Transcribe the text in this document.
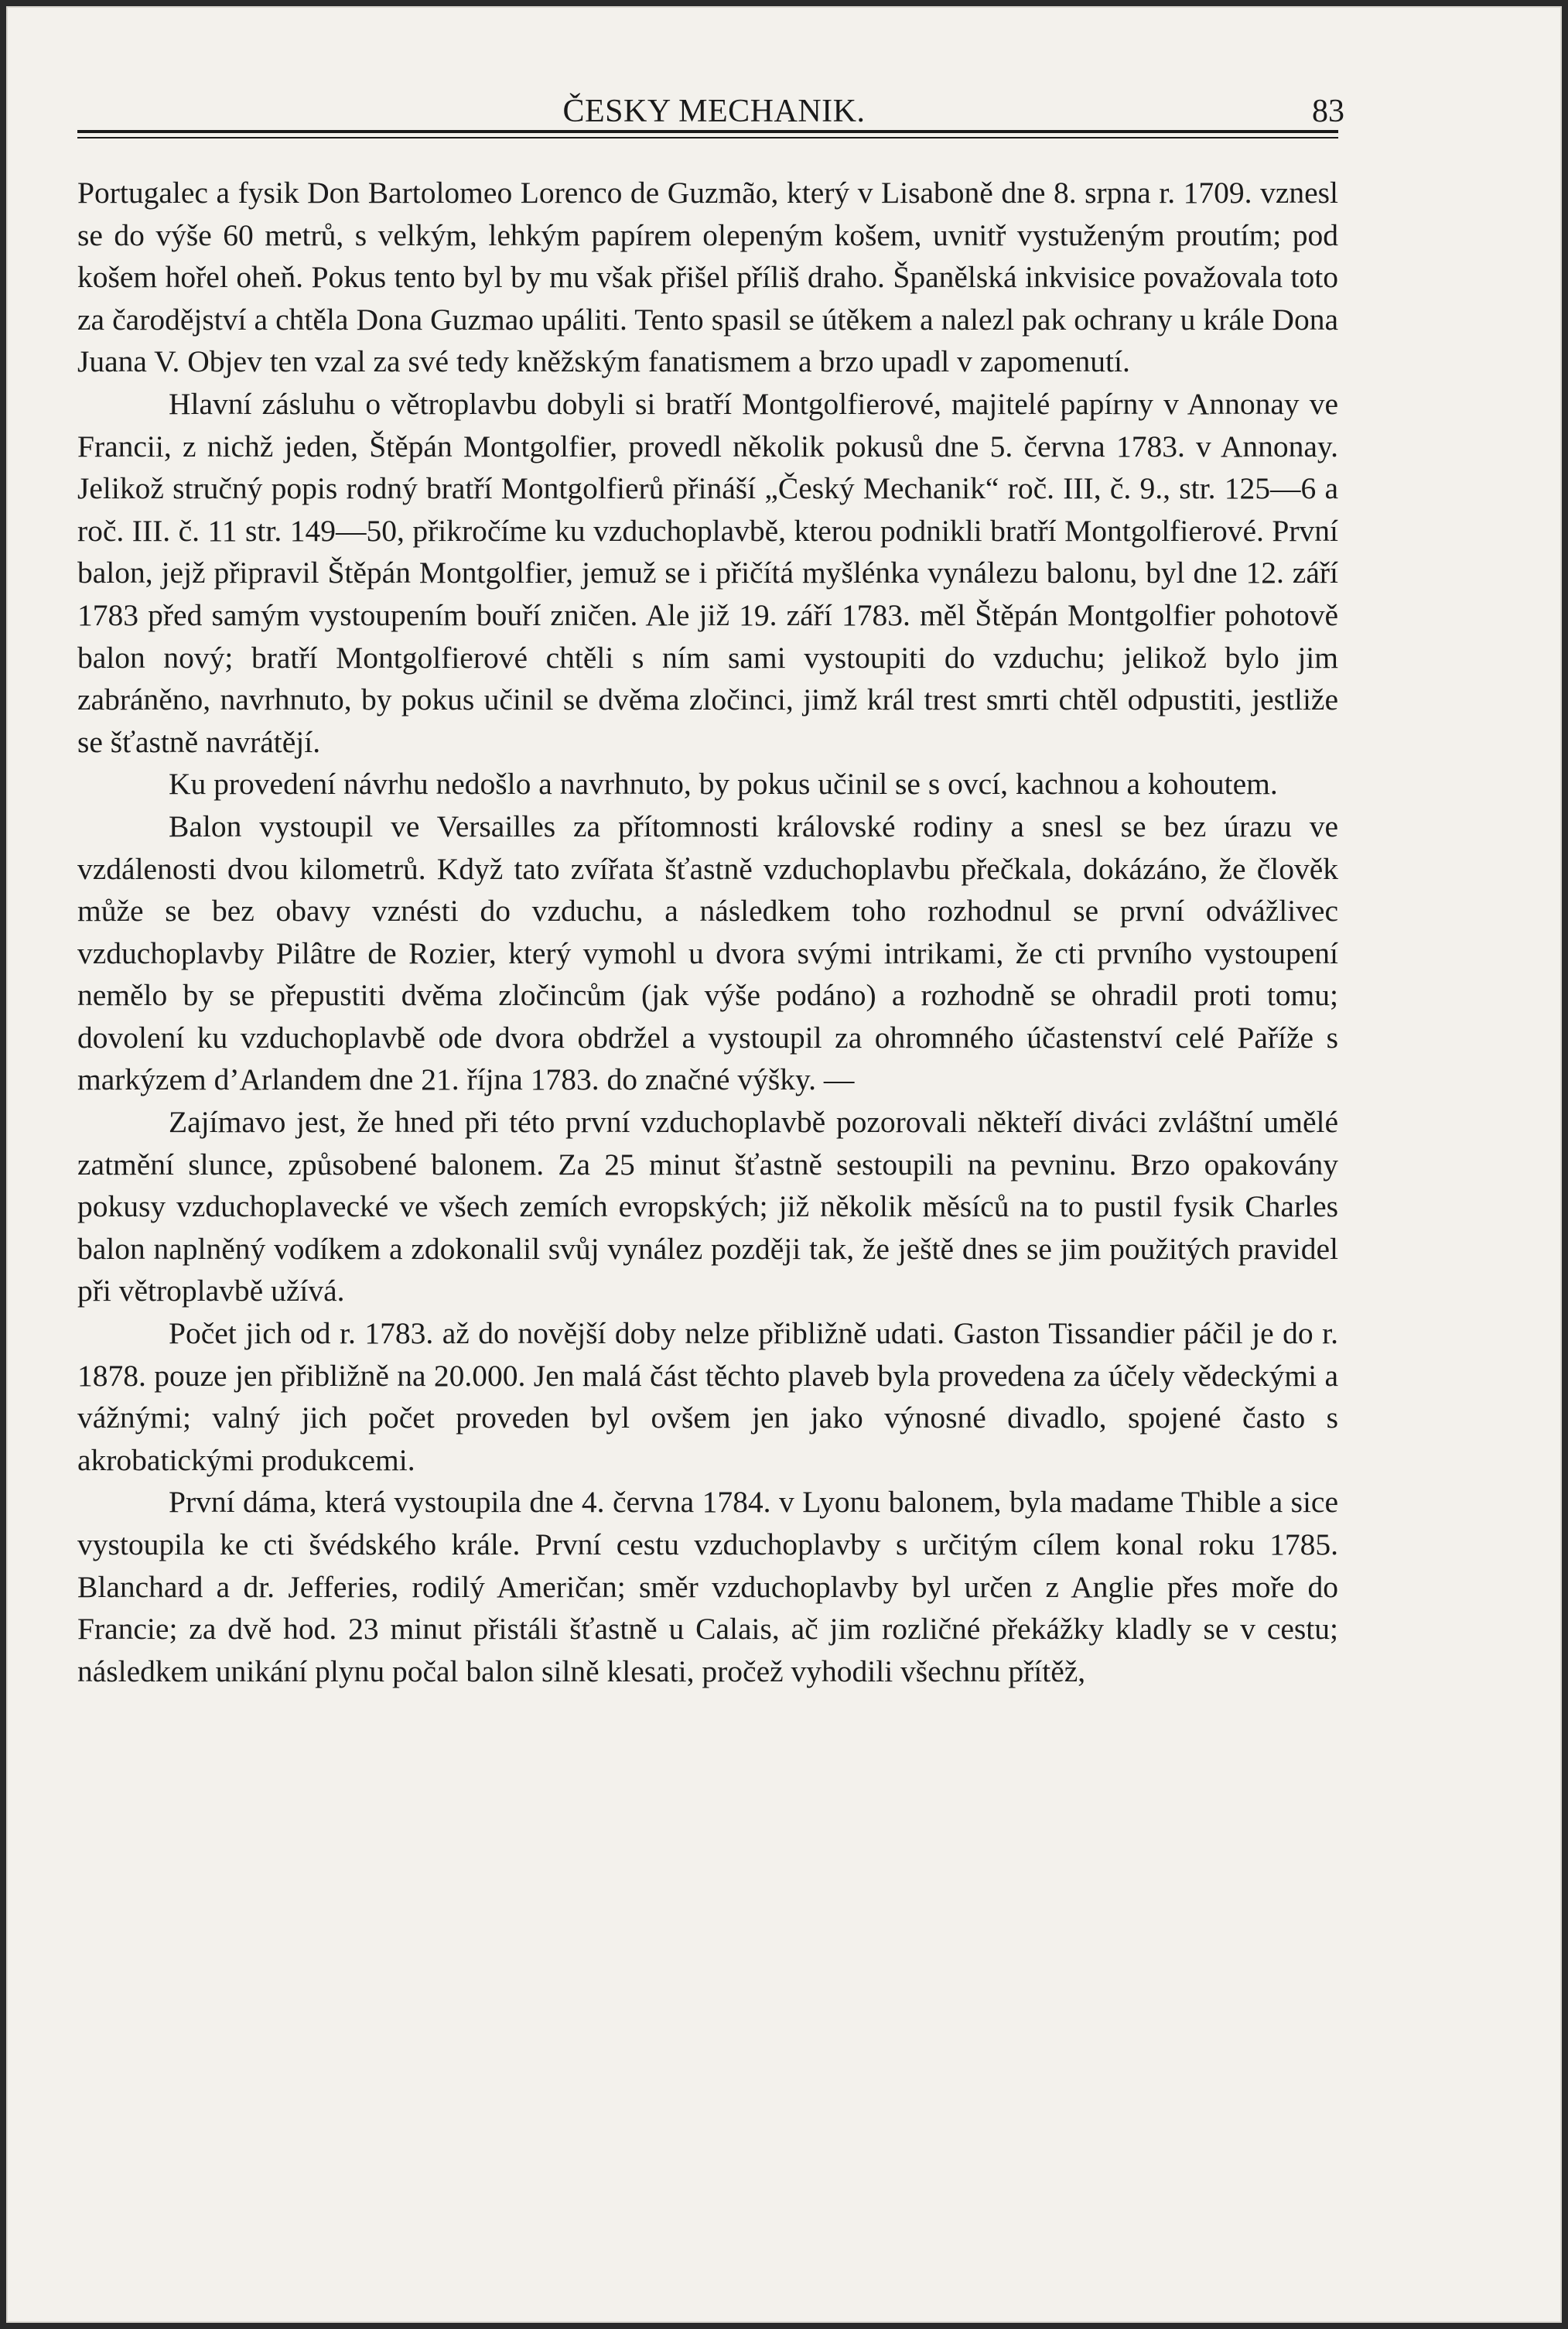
ČESKY MECHANIK.	83

Portugalec a fysik Don Bartolomeo Lorenco de Guzmão, který v Lisaboně dne 8. srpna r. 1709. vznesl se do výše 60 metrů, s velkým, lehkým papírem olepeným košem, uvnitř vystuženým proutím; pod košem hořel oheň. Pokus tento byl by mu však přišel příliš draho. Španělská inkvisice považovala toto za čarodějství a chtěla Dona Guzmao upáliti. Tento spasil se útěkem a nalezl pak ochrany u krále Dona Juana V. Objev ten vzal za své tedy kněžským fanatismem a brzo upadl v zapomenutí.

Hlavní zásluhu o větroplavbu dobyli si bratří Montgolfierové, majitelé papírny v Annonay ve Francii, z nichž jeden, Štěpán Montgolfier, provedl několik pokusů dne 5. června 1783. v Annonay. Jelikož stručný popis rodný bratří Montgolfierů přináší „Český Mechanik“ roč. III, č. 9., str. 125—6 a roč. III. č. 11 str. 149—50, přikročíme ku vzduchoplavbě, kterou podnikli bratří Montgolfierové. První balon, jejž připravil Štěpán Montgolfier, jemuž se i přičítá myšlénka vynálezu balonu, byl dne 12. září 1783 před samým vystoupením bouří zničen. Ale již 19. září 1783. měl Štěpán Montgolfier pohotově balon nový; bratří Montgolfierové chtěli s ním sami vystoupiti do vzduchu; jelikož bylo jim zabráněno, navrhnuto, by pokus učinil se dvěma zločinci, jimž král trest smrti chtěl odpustiti, jestliže se šťastně navrátějí.

Ku provedení návrhu nedošlo a navrhnuto, by pokus učinil se s ovcí, kachnou a kohoutem.

Balon vystoupil ve Versailles za přítomnosti královské rodiny a snesl se bez úrazu ve vzdálenosti dvou kilometrů. Když tato zvířata šťastně vzduchoplavbu přečkala, dokázáno, že člověk může se bez obavy vznésti do vzduchu, a následkem toho rozhodnul se první odvážlivec vzduchoplavby Pilâtre de Rozier, který vymohl u dvora svými intrikami, že cti prvního vystoupení nemělo by se přepustiti dvěma zločincům (jak výše podáno) a rozhodně se ohradil proti tomu; dovolení ku vzduchoplavbě ode dvora obdržel a vystoupil za ohromného účastenství celé Paříže s markýzem d’Arlandem dne 21. října 1783. do značné výšky. —

Zajímavo jest, že hned při této první vzduchoplavbě pozorovali někteří diváci zvláštní umělé zatmění slunce, způsobené balonem. Za 25 minut šťastně sestoupili na pevninu. Brzo opakovány pokusy vzduchoplavecké ve všech zemích evropských; již několik měsíců na to pustil fysik Charles balon naplněný vodíkem a zdokonalil svůj vynález později tak, že ještě dnes se jim použitých pravidel při větroplavbě užívá.

Počet jich od r. 1783. až do novější doby nelze přibližně udati. Gaston Tissandier páčil je do r. 1878. pouze jen přibližně na 20.000. Jen malá část těchto plaveb byla provedena za účely vědeckými a vážnými; valný jich počet proveden byl ovšem jen jako výnosné divadlo, spojené často s akrobatickými produkcemi.

První dáma, která vystoupila dne 4. června 1784. v Lyonu balonem, byla madame Thible a sice vystoupila ke cti švédského krále. První cestu vzduchoplavby s určitým cílem konal roku 1785. Blanchard a dr. Jefferies, rodilý Američan; směr vzduchoplavby byl určen z Anglie přes moře do Francie; za dvě hod. 23 minut přistáli šťastně u Calais, ač jim rozličné překážky kladly se v cestu; následkem unikání plynu počal balon silně klesati, pročež vyhodili všechnu přítěž,
